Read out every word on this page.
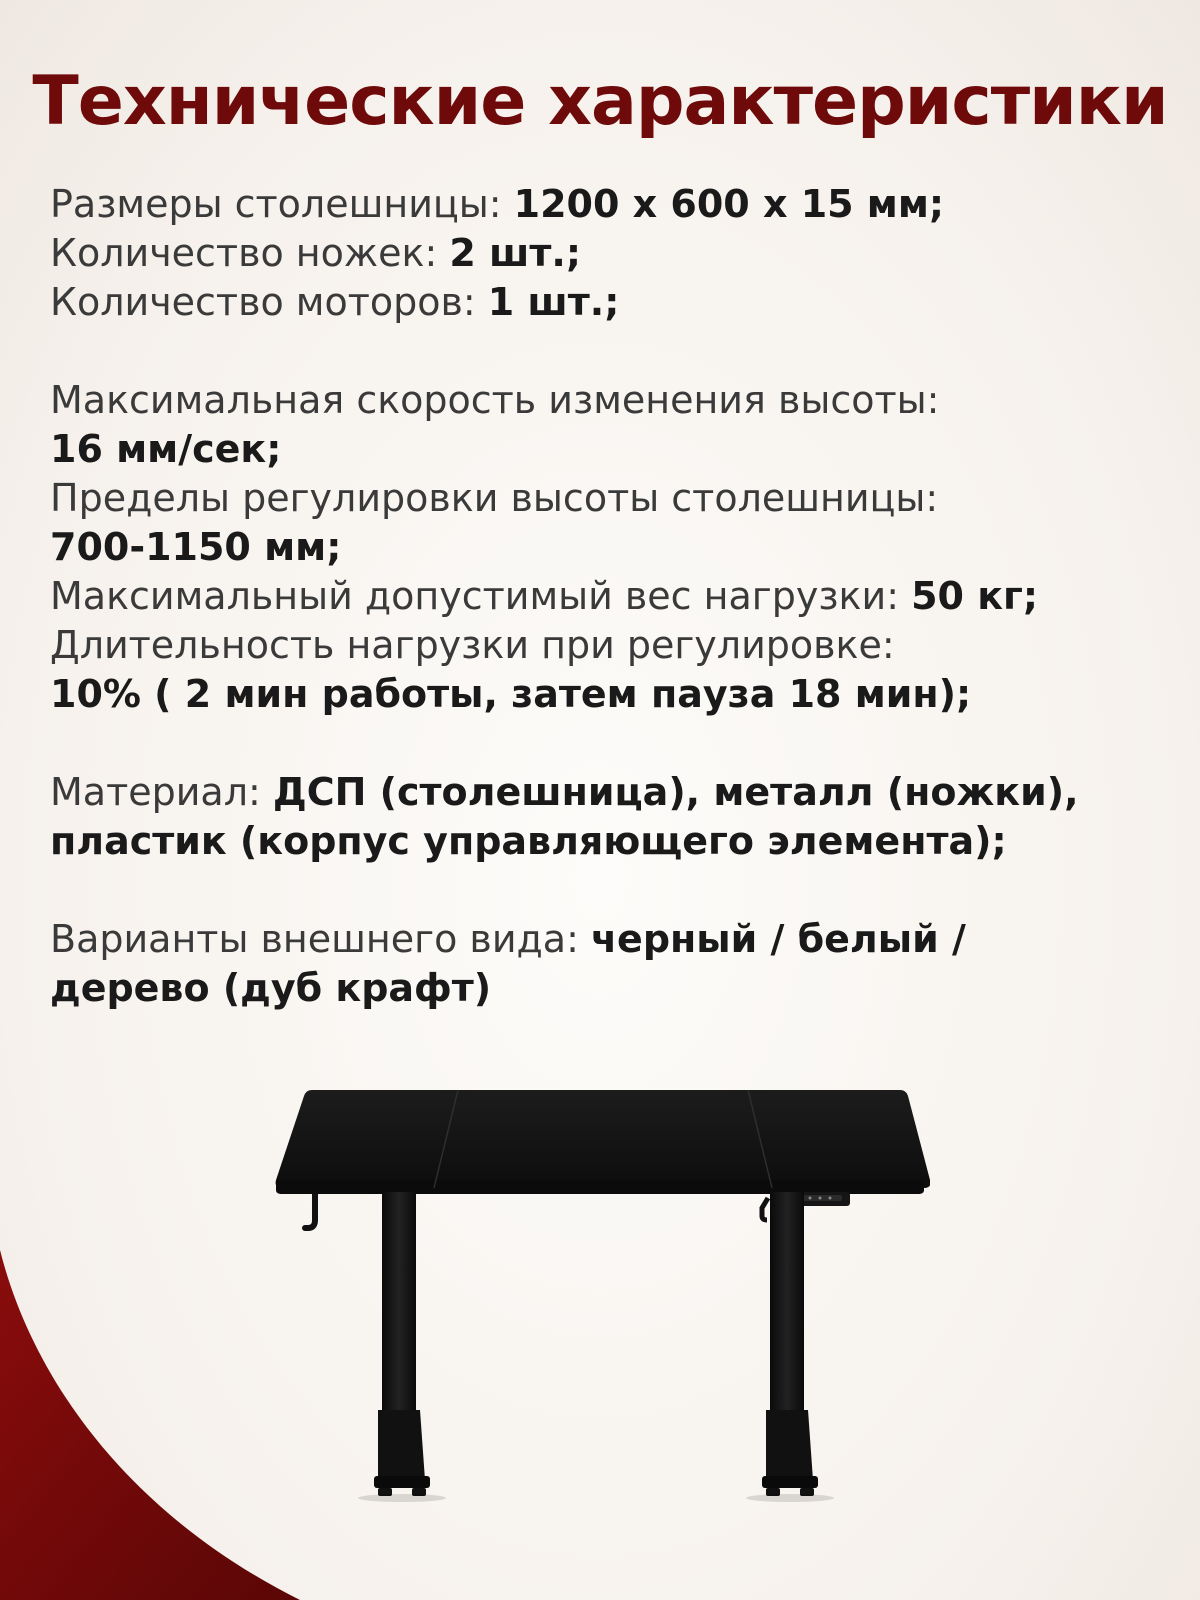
Технические характеристики
Размеры столешницы: 1200 х 600 х 15 мм;
Количество ножек: 2 шт.;
Количество моторов: 1 шт.;
Максимальная скорость изменения высоты:
16 мм/сек;
Пределы регулировки высоты столешницы:
700-1150 мм;
Максимальный допустимый вес нагрузки: 50 кг;
Длительность нагрузки при регулировке:
10% ( 2 мин работы, затем пауза 18 мин);
Материал: ДСП (столешница), металл (ножки),
пластик (корпус управляющего элемента);
Варианты внешнего вида: черный / белый /
дерево (дуб крафт)
